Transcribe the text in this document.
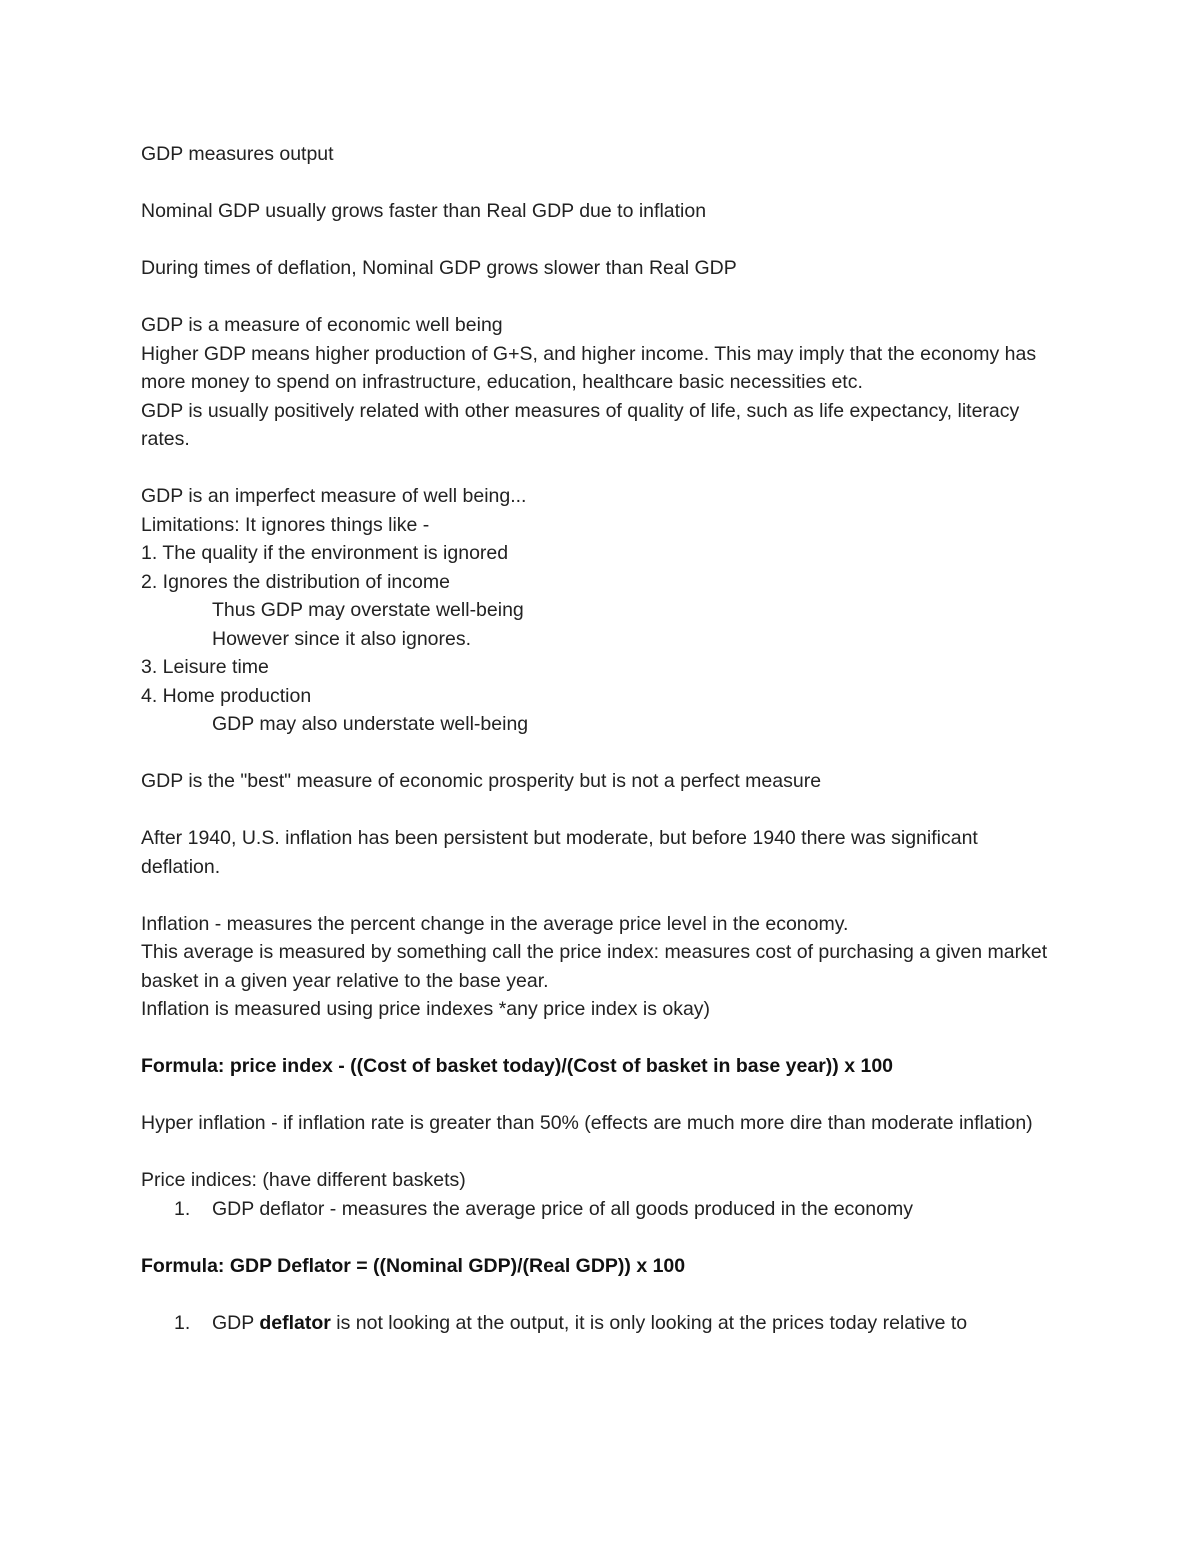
GDP measures output

Nominal GDP usually grows faster than Real GDP due to inflation

During times of deflation, Nominal GDP grows slower than Real GDP

GDP is a measure of economic well being

Higher GDP means higher production of G+S, and higher income. This may imply that the economy has more money to spend on infrastructure, education, healthcare basic necessities etc.

GDP is usually positively related with other measures of quality of life, such as life expectancy, literacy rates.

GDP is an imperfect measure of well being...

Limitations: It ignores things like -

1. The quality if the environment is ignored

2. Ignores the distribution of income

Thus GDP may overstate well-being

However since it also ignores.

3. Leisure time

4. Home production

GDP may also understate well-being

GDP is the "best" measure of economic prosperity but is not a perfect measure

After 1940, U.S. inflation has been persistent but moderate, but before 1940 there was significant deflation.

Inflation - measures the percent change in the average price level in the economy.

This average is measured by something call the price index: measures cost of purchasing a given market basket in a given year relative to the base year.

Inflation is measured using price indexes *any price index is okay)

Formula: price index - ((Cost of basket today)/(Cost of basket in base year)) x 100

Hyper inflation - if inflation rate is greater than 50% (effects are much more dire than moderate inflation)

Price indices: (have different baskets)

1. GDP deflator - measures the average price of all goods produced in the economy

Formula: GDP Deflator = ((Nominal GDP)/(Real GDP)) x 100

1. GDP deflator is not looking at the output, it is only looking at the prices today relative to
